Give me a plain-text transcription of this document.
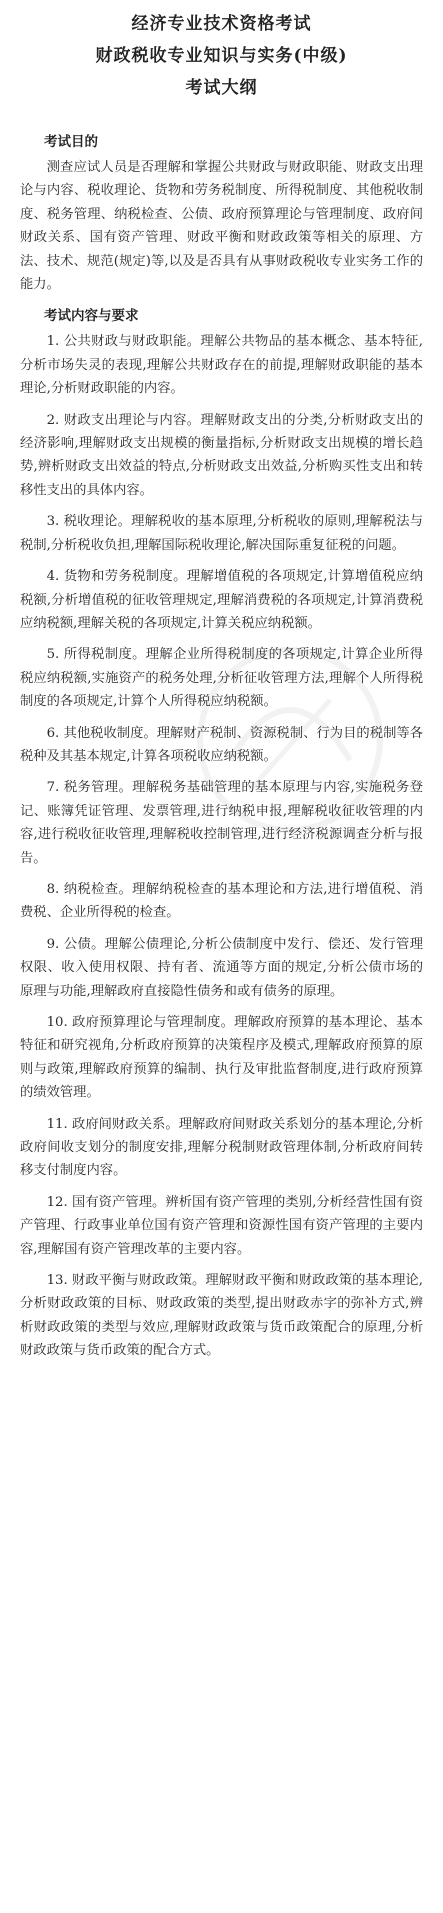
经济专业技术资格考试
财政税收专业知识与实务(中级)
考试大纲
考试目的

测查应试人员是否理解和掌握公共财政与财政职能、财政支出理论与内容、税收理论、货物和劳务税制度、所得税制度、其他税收制度、税务管理、纳税检查、公债、政府预算理论与管理制度、政府间财政关系、国有资产管理、财政平衡和财政政策等相关的原理、方法、技术、规范(规定)等,以及是否具有从事财政税收专业实务工作的能力。

考试内容与要求

1. 公共财政与财政职能。理解公共物品的基本概念、基本特征,分析市场失灵的表现,理解公共财政存在的前提,理解财政职能的基本理论,分析财政职能的内容。

2. 财政支出理论与内容。理解财政支出的分类,分析财政支出的经济影响,理解财政支出规模的衡量指标,分析财政支出规模的增长趋势,辨析财政支出效益的特点,分析财政支出效益,分析购买性支出和转移性支出的具体内容。

3. 税收理论。理解税收的基本原理,分析税收的原则,理解税法与税制,分析税收负担,理解国际税收理论,解决国际重复征税的问题。

4. 货物和劳务税制度。理解增值税的各项规定,计算增值税应纳税额,分析增值税的征收管理规定,理解消费税的各项规定,计算消费税应纳税额,理解关税的各项规定,计算关税应纳税额。

5. 所得税制度。理解企业所得税制度的各项规定,计算企业所得税应纳税额,实施资产的税务处理,分析征收管理方法,理解个人所得税制度的各项规定,计算个人所得税应纳税额。

6. 其他税收制度。理解财产税制、资源税制、行为目的税制等各税种及其基本规定,计算各项税收应纳税额。

7. 税务管理。理解税务基础管理的基本原理与内容,实施税务登记、账簿凭证管理、发票管理,进行纳税申报,理解税收征收管理的内容,进行税收征收管理,理解税收控制管理,进行经济税源调查分析与报告。

8. 纳税检查。理解纳税检查的基本理论和方法,进行增值税、消费税、企业所得税的检查。

9. 公债。理解公债理论,分析公债制度中发行、偿还、发行管理权限、收入使用权限、持有者、流通等方面的规定,分析公债市场的原理与功能,理解政府直接隐性债务和或有债务的原理。

10. 政府预算理论与管理制度。理解政府预算的基本理论、基本特征和研究视角,分析政府预算的决策程序及模式,理解政府预算的原则与政策,理解政府预算的编制、执行及审批监督制度,进行政府预算的绩效管理。

11. 政府间财政关系。理解政府间财政关系划分的基本理论,分析政府间收支划分的制度安排,理解分税制财政管理体制,分析政府间转移支付制度内容。

12. 国有资产管理。辨析国有资产管理的类别,分析经营性国有资产管理、行政事业单位国有资产管理和资源性国有资产管理的主要内容,理解国有资产管理改革的主要内容。

13. 财政平衡与财政政策。理解财政平衡和财政政策的基本理论,分析财政政策的目标、财政政策的类型,提出财政赤字的弥补方式,辨析财政政策的类型与效应,理解财政政策与货币政策配合的原理,分析财政政策与货币政策的配合方式。
